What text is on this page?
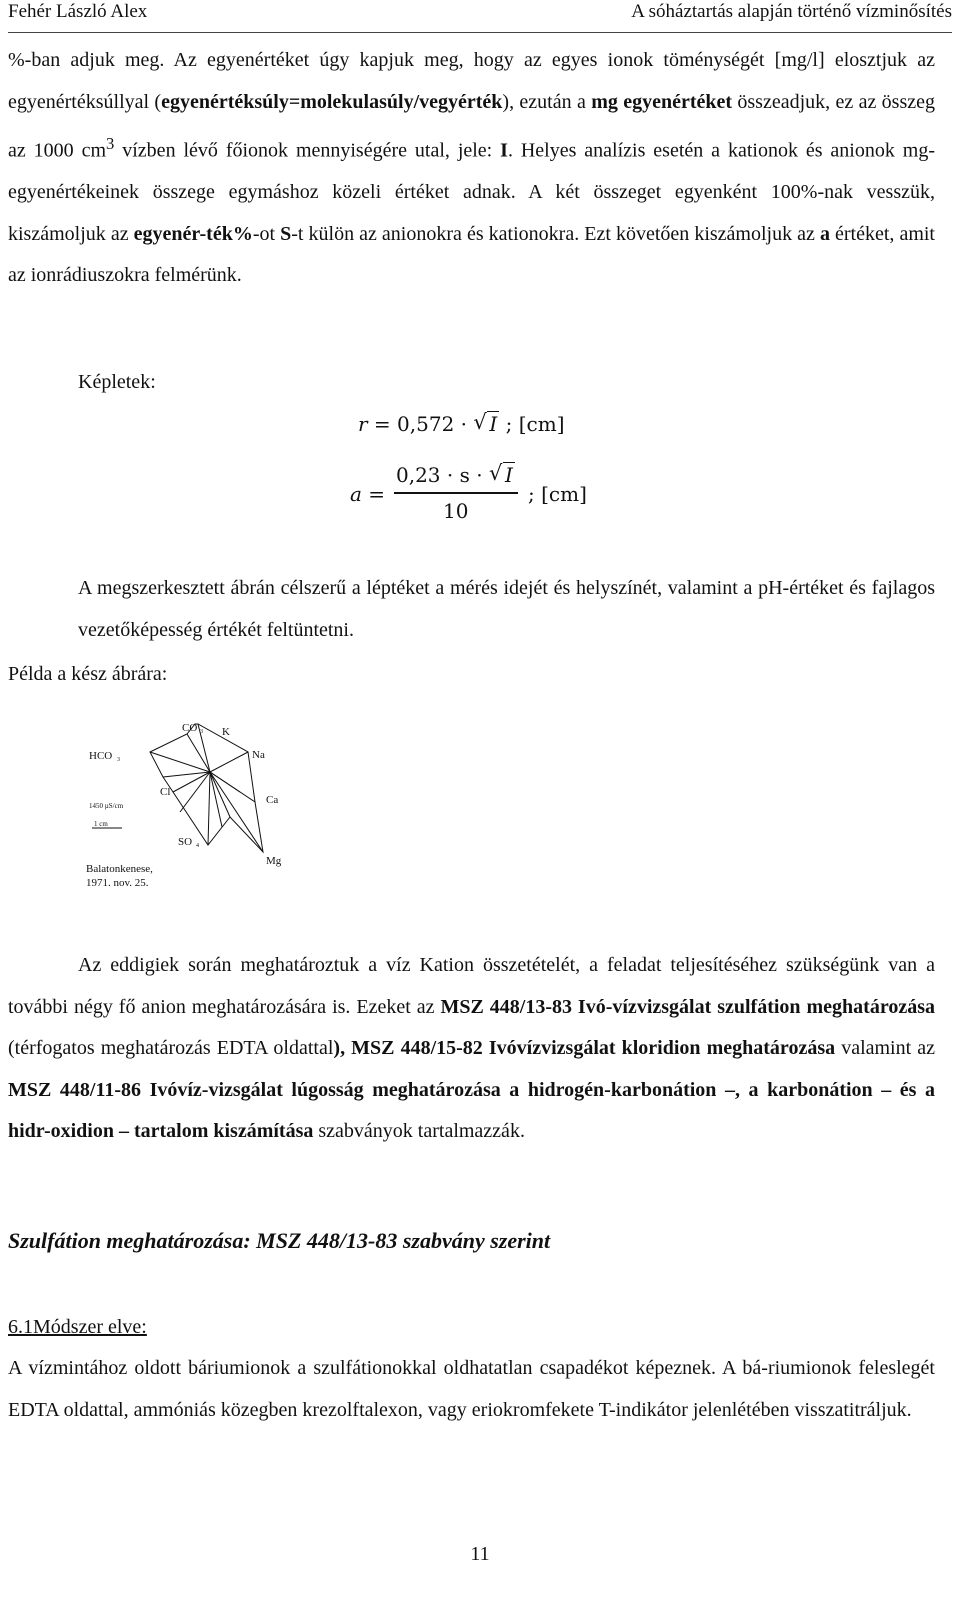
Fehér László Alex	A sóháztartás alapján történő vízminősítés

%-ban adjuk meg. Az egyenértéket úgy kapjuk meg, hogy az egyes ionok töménységét [mg/l] elosztjuk az egyenértéksúllyal (egyenértéksúly=molekulasúly/vegyérték), ezután a mg egyenértéket összeadjuk, ez az összeg az 1000 $cm^3$ vízben lévő főionok mennyiségére utal, jele: I. Helyes analízis esetén a kationok és anionok mg-egyenértékeinek összege egymáshoz közeli értéket adnak. A két összeget egyenként 100%-nak vesszük, kiszámoljuk az egyenér-ték%-ot S-t külön az anionokra és kationokra. Ezt követően kiszámoljuk az a értéket, amit az ionrádiuszokra felmérünk.

Képletek:

r = 0,572 · √ I ; [cm]
a =
0,23 · s · √ I
10
; [cm]

A megszerkesztett ábrán célszerű a léptéket a mérés idejét és helyszínét, valamint a pH-értéket és fajlagos vezetőképesség értékét feltüntetni.

Példa a kész ábrára:

CO 3 K
Na
HCO 3
Cl
Ca
SO 4
Mg
1450 µS/cm
1 cm
Balatonkenese,
1971. nov. 25.

Az eddigiek során meghatároztuk a víz Kation összetételét, a feladat teljesítéséhez szükségünk van a további négy fő anion meghatározására is. Ezeket az MSZ 448/13-83 Ivó-vízvizsgálat szulfátion meghatározása (térfogatos meghatározás EDTA oldattal), MSZ 448/15-82 Ivóvízvizsgálat kloridion meghatározása valamint az MSZ 448/11-86 Ivóvíz-vizsgálat lúgosság meghatározása a hidrogén-karbonátion –, a karbonátion – és a hidr-oxidion – tartalom kiszámítása szabványok tartalmazzák.

Szulfátion meghatározása: MSZ 448/13-83 szabvány szerint

6.1Módszer elve:

A vízmintához oldott báriumionok a szulfátionokkal oldhatatlan csapadékot képeznek. A bá-riumionok feleslegét EDTA oldattal, ammóniás közegben krezolftalexon, vagy eriokromfekete T-indikátor jelenlétében visszatitráljuk.

11
